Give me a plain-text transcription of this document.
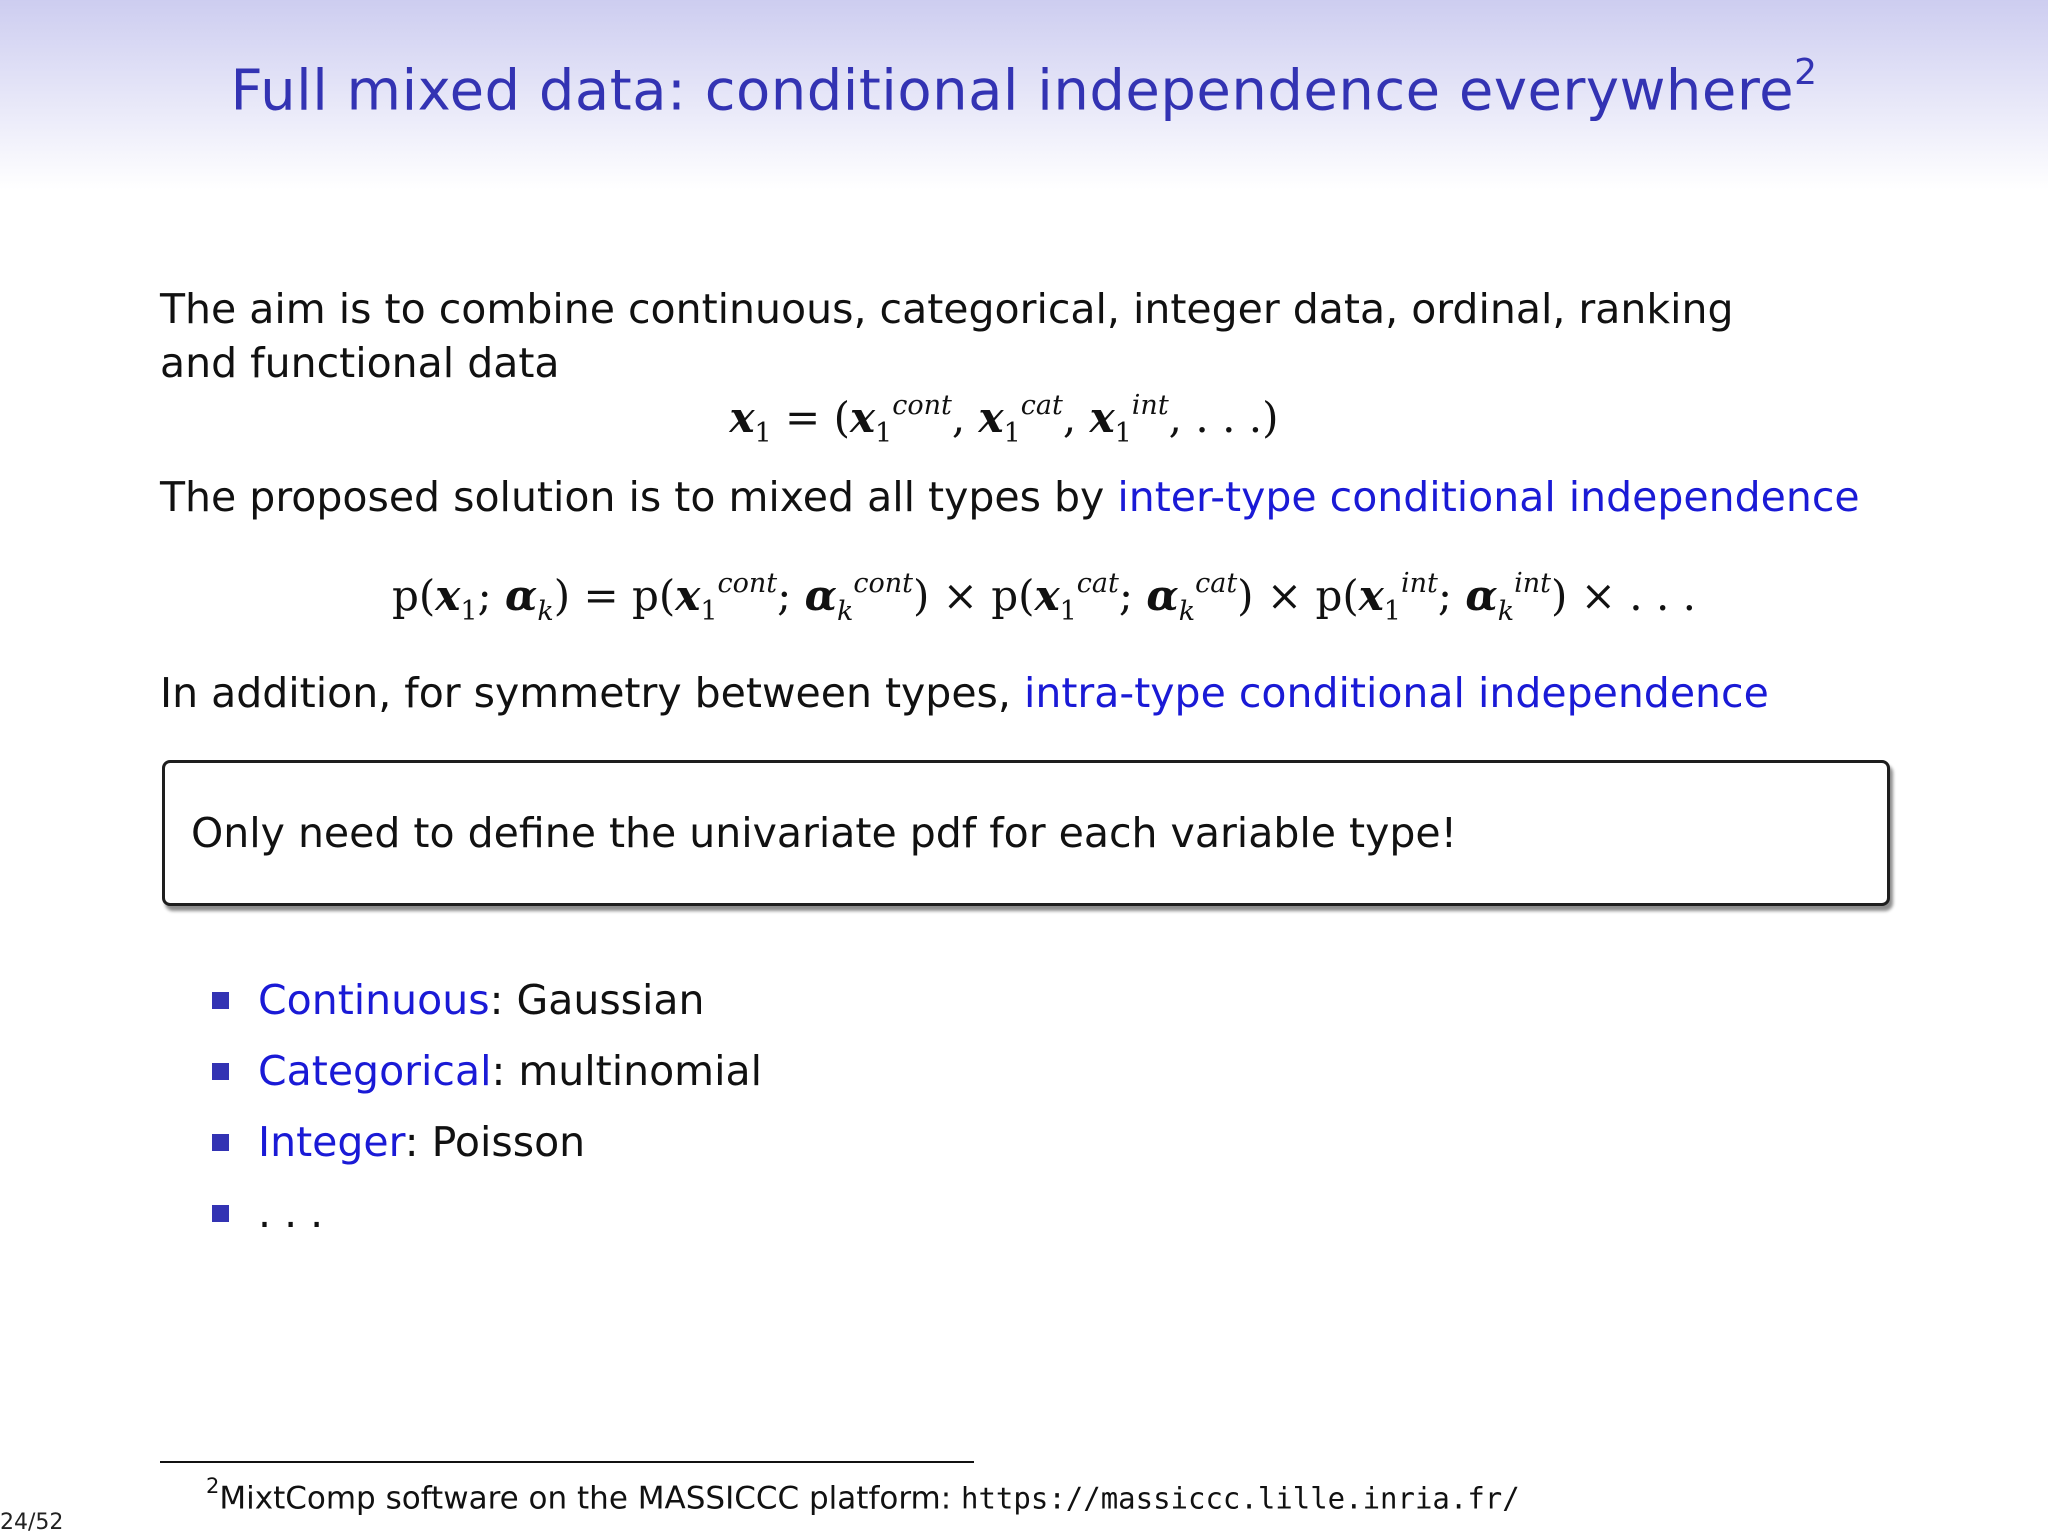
Full mixed data: conditional independence everywhere$^2$
The aim is to combine continuous, categorical, integer data, ordinal, ranking and functional data
$x_1 = (x_1^{cont}$, $x_1^{cat}$, $x_1^{int}$, . . .)
The proposed solution is to mixed all types by inter-type conditional independence
$p(x_1$; $\alpha_k) = p(x_1^{cont}$; $\alpha_k^{cont}) \times p(x_1^{cat}$; $\alpha_k^{cat}) \times p(x_1^{int}$; $\alpha_k^{int}$) × . . .
In addition, for symmetry between types, intra-type conditional independence
Only need to define the univariate pdf for each variable type!
Continuous: Gaussian
Categorical: multinomial
Integer: Poisson
. . .
$^2$MixtComp software on the MASSICCC platform: https://massiccc.lille.inria.fr/
24/52
